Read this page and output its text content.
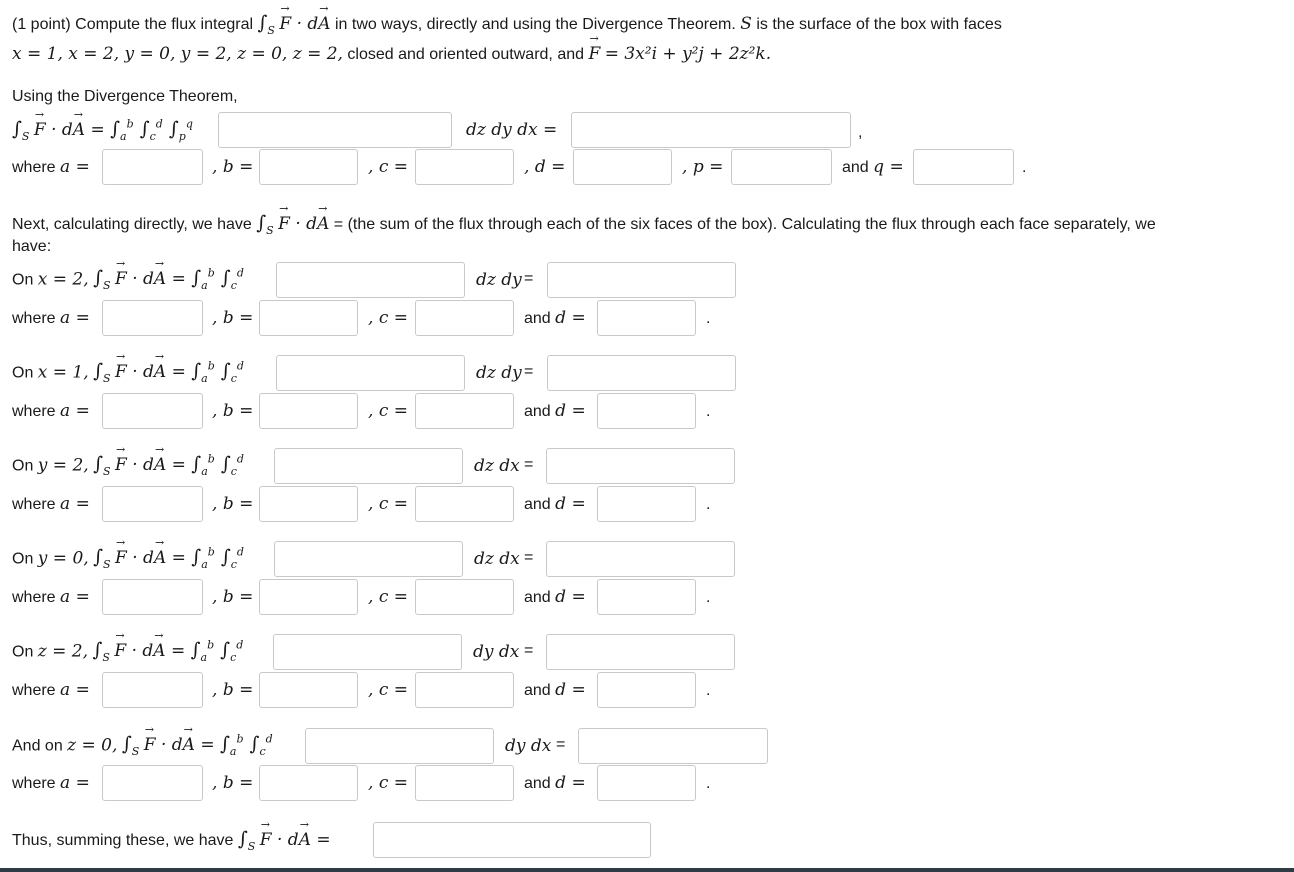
(1 point) Compute the flux integral $\int_S \to F \cdot d\to A$ in two ways, directly and using the Divergence Theorem. S is the surface of the box with faces
x = 1, x = 2, y = 0, y = 2, z = 0, z = 2, closed and oriented outward, and → F = 3x²i + y²j + 2z²k.
Using the Divergence Theorem,
$\int_S \to F \cdot d\to A = \int_a^b$ $\int_c^d$ $\int_p^q$	dz dy dx =	,
where a =	, b =	, c =	, d =	, p =	and q =	.
Next, calculating directly, we have $\int_S \to F \cdot d\to A = (the$ sum of the flux through each of the six faces of the box). Calculating the flux through each face separately, we
have:
On x = 2, $\int_S \to F \cdot d\to A = \int_a^b$ $\int_c^d$	dz dy =
where a =	, b =	, c =	and d =	.
On x = 1, $\int_S \to F \cdot d\to A = \int_a^b$ $\int_c^d$	dz dy =
where a =	, b =	, c =	and d =	.
On y = 2, $\int_S \to F \cdot d\to A = \int_a^b$ $\int_c^d$	dz dx =
where a =	, b =	, c =	and d =	.
On y = 0, $\int_S \to F \cdot d\to A = \int_a^b$ $\int_c^d$	dz dx =
where a =	, b =	, c =	and d =	.
On z = 2, $\int_S \to F \cdot d\to A = \int_a^b$ $\int_c^d$	dy dx =
where a =	, b =	, c =	and d =	.
And on z = 0, $\int_S \to F \cdot d\to A = \int_a^b$ $\int_c^d$	dy dx =
where a =	, b =	, c =	and d =	.
Thus, summing these, we have $\int_S \to F \cdot d\to A$ =
